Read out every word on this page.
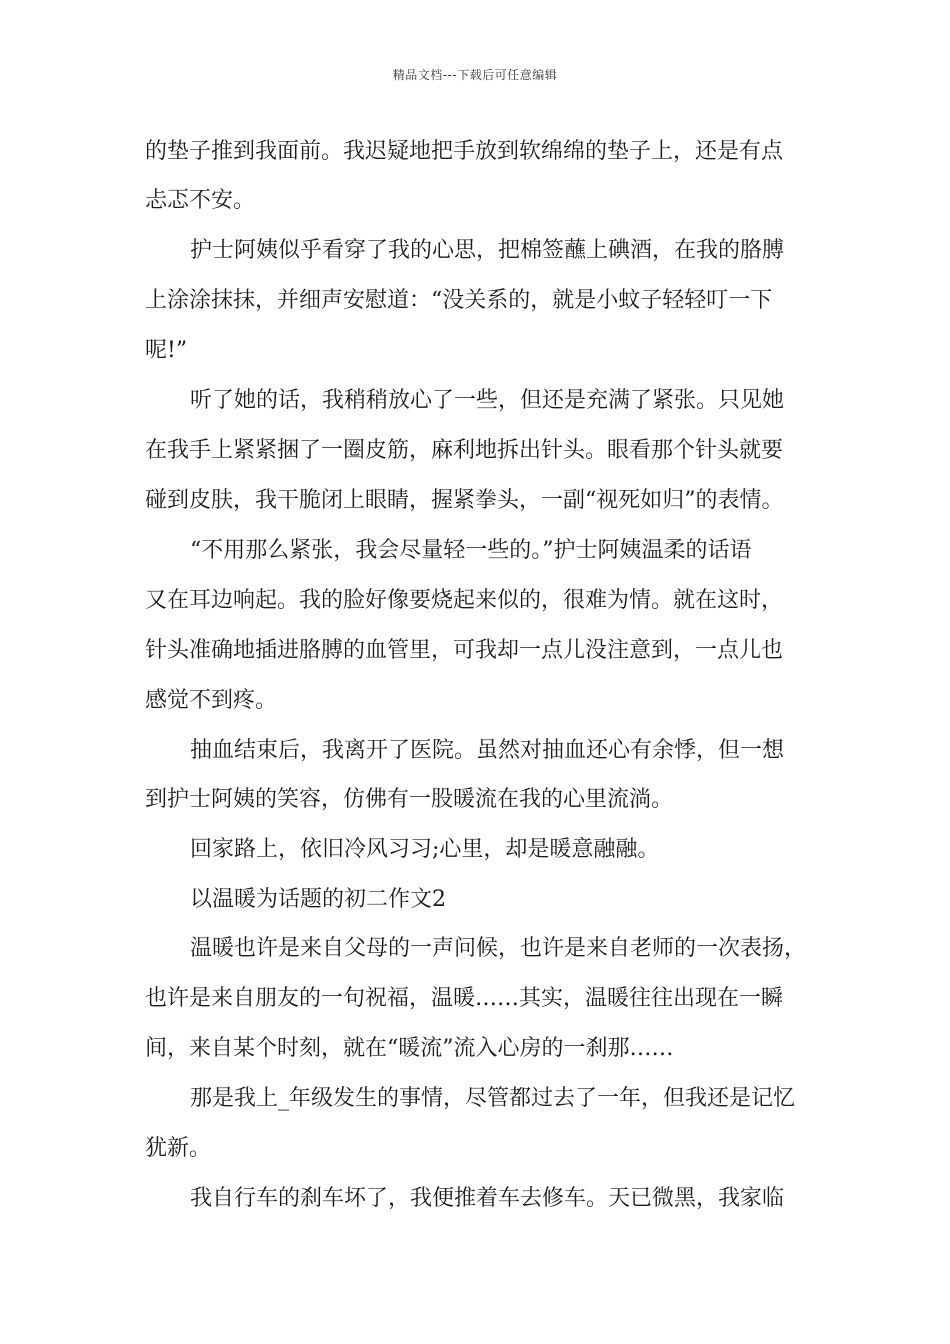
精品文档---下载后可任意编辑
的垫子推到我面前。我迟疑地把手放到软绵绵的垫子上，还是有点
忐忑不安。
护士阿姨似乎看穿了我的心思，把棉签蘸上碘酒，在我的胳膊
上涂涂抹抹，并细声安慰道：“没关系的，就是小蚊子轻轻叮一下
呢!”
听了她的话，我稍稍放心了一些，但还是充满了紧张。只见她
在我手上紧紧捆了一圈皮筋，麻利地拆出针头。眼看那个针头就要
碰到皮肤，我干脆闭上眼睛，握紧拳头，一副“视死如归”的表情。
“不用那么紧张，我会尽量轻一些的。”护士阿姨温柔的话语
又在耳边响起。我的脸好像要烧起来似的，很难为情。就在这时，
针头准确地插进胳膊的血管里，可我却一点儿没注意到，一点儿也
感觉不到疼。
抽血结束后，我离开了医院。虽然对抽血还心有余悸，但一想
到护士阿姨的笑容，仿佛有一股暖流在我的心里流淌。
回家路上，依旧冷风习习;心里，却是暖意融融。
以温暖为话题的初二作文2
温暖也许是来自父母的一声问候，也许是来自老师的一次表扬，
也许是来自朋友的一句祝福，温暖……其实，温暖往往出现在一瞬
间，来自某个时刻，就在“暖流”流入心房的一刹那……
那是我上_年级发生的事情，尽管都过去了一年，但我还是记忆
犹新。
我自行车的刹车坏了，我便推着车去修车。天已微黑，我家临
